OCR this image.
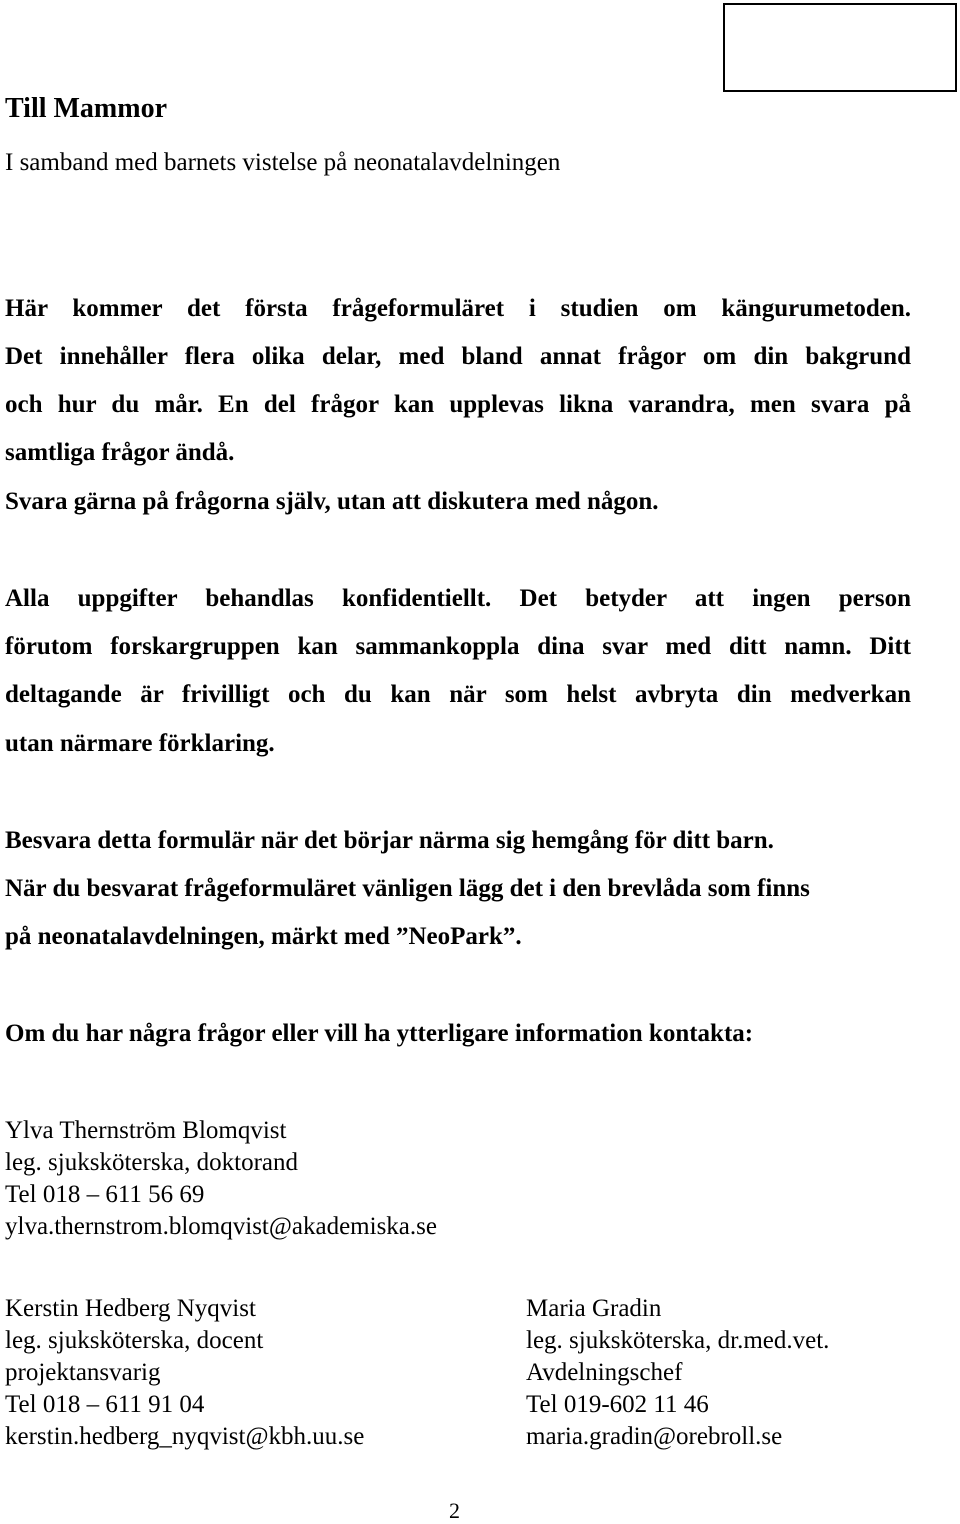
Till Mammor
I samband med barnets vistelse på neonatalavdelningen
Här kommer det första frågeformuläret i studien om kängurumetoden.
Det innehåller flera olika delar, med bland annat frågor om din bakgrund
och hur du mår. En del frågor kan upplevas likna varandra, men svara på
samtliga frågor ändå.
Svara gärna på frågorna själv, utan att diskutera med någon.
Alla uppgifter behandlas konfidentiellt. Det betyder att ingen person
förutom forskargruppen kan sammankoppla dina svar med ditt namn. Ditt
deltagande är frivilligt och du kan när som helst avbryta din medverkan
utan närmare förklaring.
Besvara detta formulär när det börjar närma sig hemgång för ditt barn.
När du besvarat frågeformuläret vänligen lägg det i den brevlåda som finns
på neonatalavdelningen, märkt med ”NeoPark”.
Om du har några frågor eller vill ha ytterligare information kontakta:
Ylva Thernström Blomqvist
leg. sjuksköterska, doktorand
Tel 018 – 611 56 69
ylva.thernstrom.blomqvist@akademiska.se
Kerstin Hedberg Nyqvist
leg. sjuksköterska, docent
projektansvarig
Tel 018 – 611 91 04
kerstin.hedberg_nyqvist@kbh.uu.se
Maria Gradin
leg. sjuksköterska, dr.med.vet.
Avdelningschef
Tel 019-602 11 46
maria.gradin@orebroll.se
2
